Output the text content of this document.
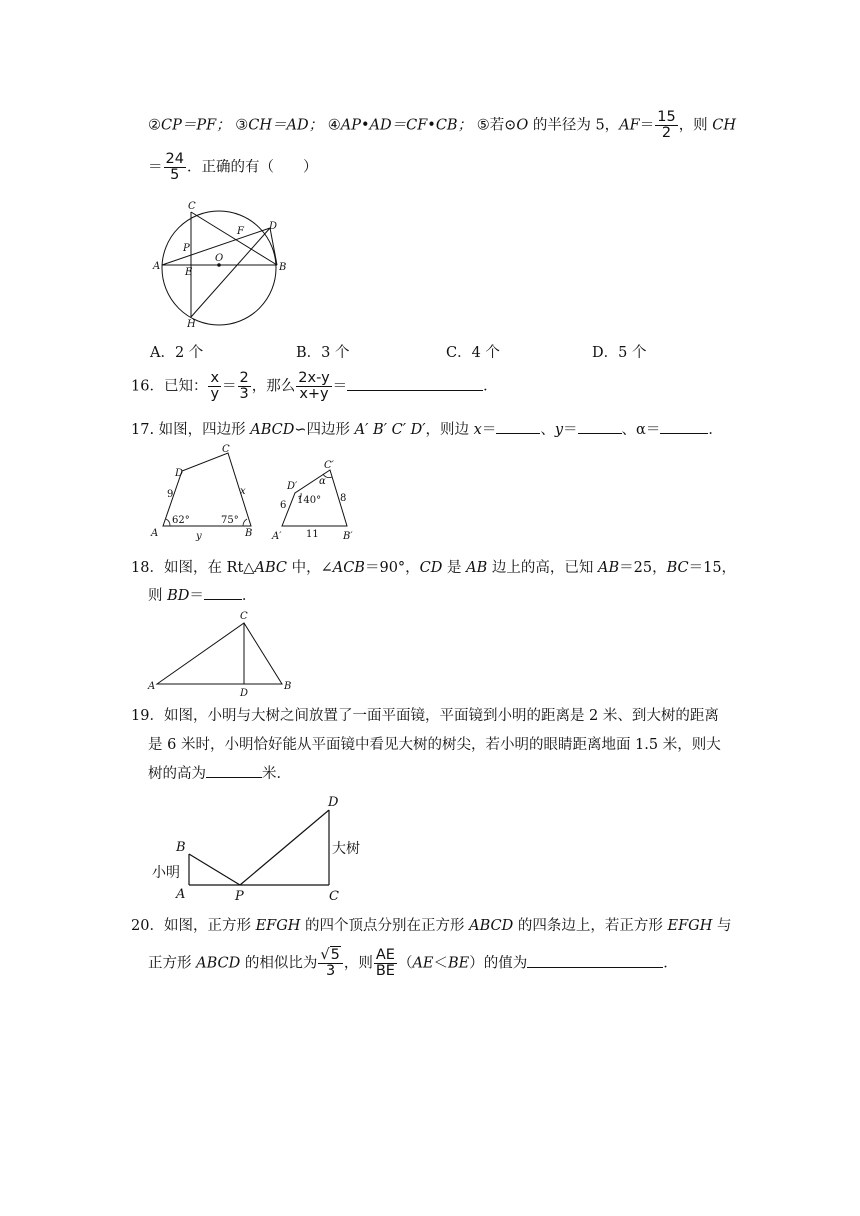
②CP＝PF； ③CH＝AD； ④AP•AD＝CF•CB； ⑤若⊙O 的半径为 5，$AF= \frac{15}{2}$ ，则 CH
＝ $\frac{24}{5}$ ．正确的有（　　）
C
D
F
P
A
E
O
B
H
A．2 个	B．3 个	C．4 个	D．5 个
16．已知： $\frac{x}{y} = \frac{2}{3}$ ，那么 $\frac{2x-y}{x+y}$ ＝	．
17. 如图，四边形 ABCD∽四边形 A′ B′ C′ D′，则边 x＝	、y＝	、α＝	．
A	B
C
D
9	x
y
62°	75°
A′	B′
C′
D′
6
8
11
140°
α
18．如图，在 Rt△ABC 中，∠ACB＝90°，CD 是 AB 边上的高，已知 AB＝25，BC＝15，
则 BD＝	．
A	B
C
D
19．如图，小明与大树之间放置了一面平面镜，平面镜到小明的距离是 2 米、到大树的距离
是 6 米时，小明恰好能从平面镜中看见大树的树尖，若小明的眼睛距离地面 1.5 米，则大
树的高为	米．
A
B
C
D
P
小明
大树
20．如图，正方形 EFGH 的四个顶点分别在正方形 ABCD 的四条边上，若正方形 EFGH 与
正方形 ABCD 的相似比为 $\frac{√5}{3}$ ，则 $\frac{AE}{BE} (AE<BE)$的值为	．
